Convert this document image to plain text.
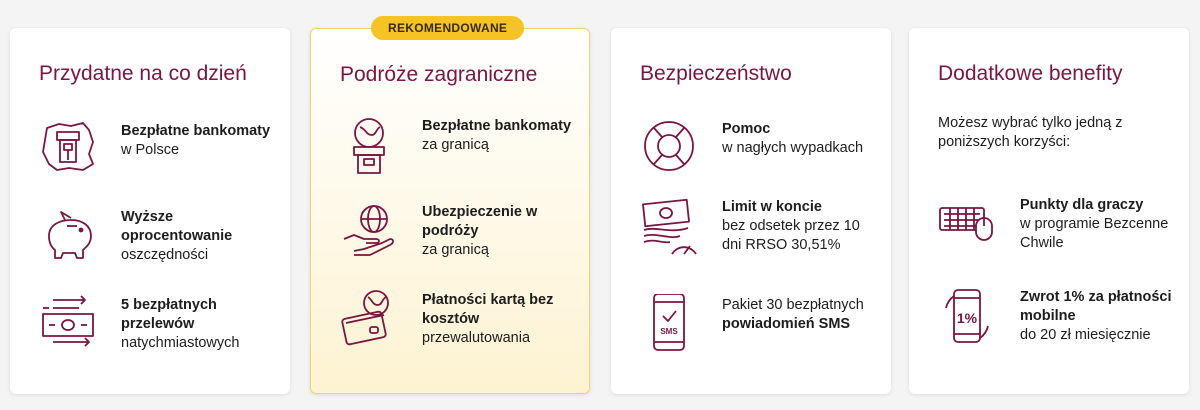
Przydatne na co dzień
Bezpłatne bankomaty
w Polsce
Wyższe oprocentowanie
oszczędności
5 bezpłatnych przelewów
natychmiastowych
REKOMENDOWANE
Podróże zagraniczne
Bezpłatne bankomaty
za granicą
Ubezpieczenie w podróży
za granicą
Płatności kartą bez kosztów
przewalutowania
Bezpieczeństwo
Pomoc
w nagłych wypadkach
Limit w koncie
bez odsetek przez 10 dni RRSO 30,51%
SMS
Pakiet 30 bezpłatnych
powiadomień SMS
Dodatkowe benefity
Możesz wybrać tylko jedną z poniższych korzyści:
Punkty dla graczy
w programie Bezcenne Chwile
1%
Zwrot 1% za płatności mobilne
do 20 zł miesięcznie
